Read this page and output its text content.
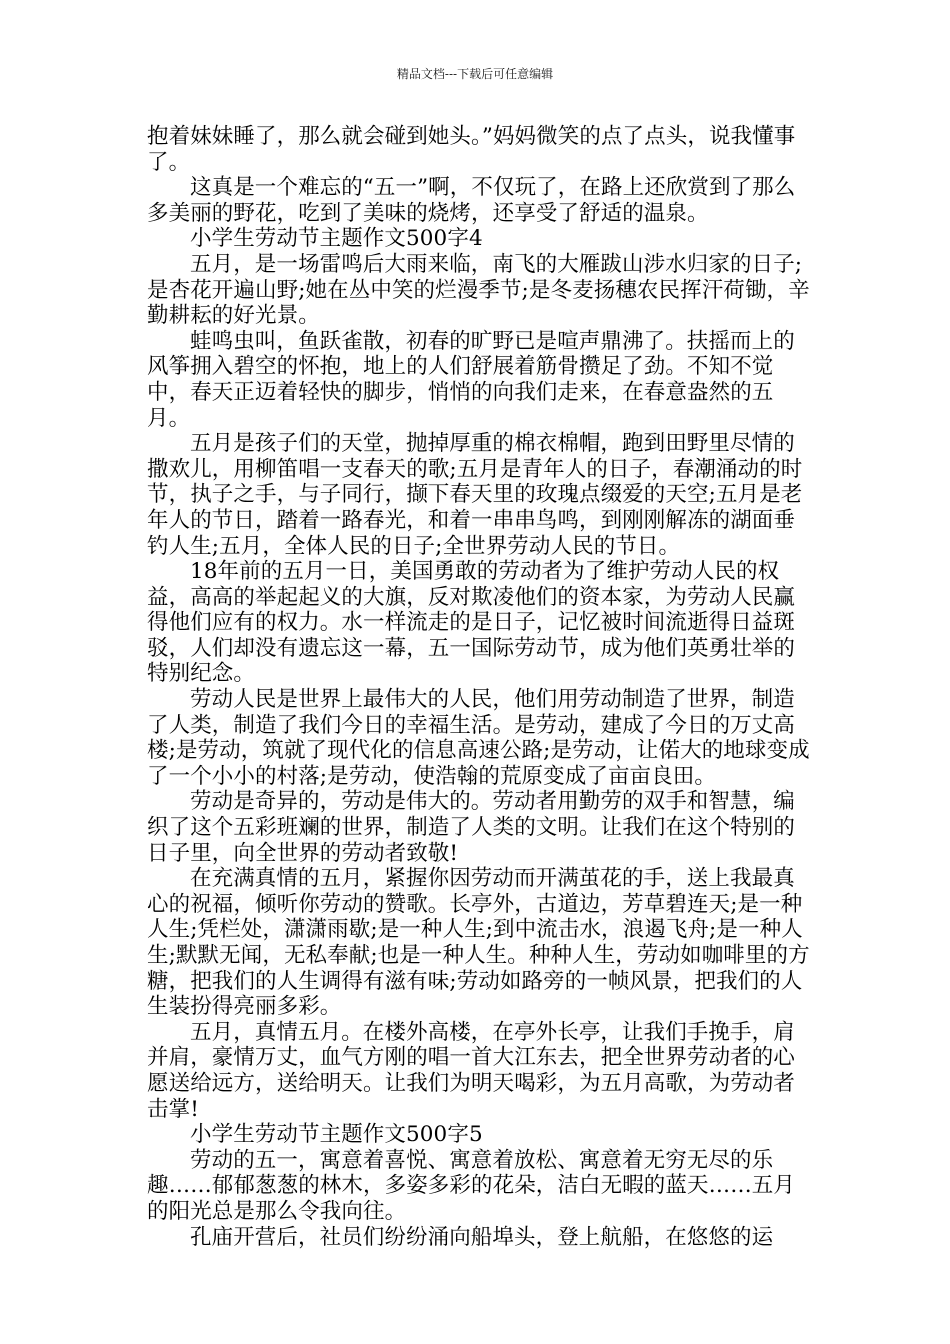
精品文档---下载后可任意编辑

抱着妹妹睡了，那么就会碰到她头。”妈妈微笑的点了点头，说我懂事了。

这真是一个难忘的“五一”啊，不仅玩了，在路上还欣赏到了那么多美丽的野花，吃到了美味的烧烤，还享受了舒适的温泉。

小学生劳动节主题作文500字4

五月，是一场雷鸣后大雨来临，南飞的大雁跋山涉水归家的日子;是杏花开遍山野;她在丛中笑的烂漫季节;是冬麦扬穗农民挥汗荷锄，辛勤耕耘的好光景。

蛙鸣虫叫，鱼跃雀散，初春的旷野已是喧声鼎沸了。扶摇而上的风筝拥入碧空的怀抱，地上的人们舒展着筋骨攒足了劲。不知不觉中，春天正迈着轻快的脚步，悄悄的向我们走来，在春意盎然的五月。

五月是孩子们的天堂，抛掉厚重的棉衣棉帽，跑到田野里尽情的撒欢儿，用柳笛唱一支春天的歌;五月是青年人的日子，春潮涌动的时节，执子之手，与子同行，撷下春天里的玫瑰点缀爱的天空;五月是老年人的节日，踏着一路春光，和着一串串鸟鸣，到刚刚解冻的湖面垂钓人生;五月，全体人民的日子;全世界劳动人民的节日。

18年前的五月一日，美国勇敢的劳动者为了维护劳动人民的权益，高高的举起起义的大旗，反对欺凌他们的资本家，为劳动人民赢得他们应有的权力。水一样流走的是日子，记忆被时间流逝得日益斑驳，人们却没有遗忘这一幕，五一国际劳动节，成为他们英勇壮举的特别纪念。

劳动人民是世界上最伟大的人民，他们用劳动制造了世界，制造了人类，制造了我们今日的幸福生活。是劳动，建成了今日的万丈高楼;是劳动，筑就了现代化的信息高速公路;是劳动，让偌大的地球变成了一个小小的村落;是劳动，使浩翰的荒原变成了亩亩良田。

劳动是奇异的，劳动是伟大的。劳动者用勤劳的双手和智慧，编织了这个五彩班斓的世界，制造了人类的文明。让我们在这个特别的日子里，向全世界的劳动者致敬!

在充满真情的五月，紧握你因劳动而开满茧花的手，送上我最真心的祝福，倾听你劳动的赞歌。长亭外，古道边，芳草碧连天;是一种人生;凭栏处，潇潇雨歇;是一种人生;到中流击水，浪遏飞舟;是一种人生;默默无闻，无私奉献;也是一种人生。种种人生，劳动如咖啡里的方糖，把我们的人生调得有滋有味;劳动如路旁的一帧风景，把我们的人生装扮得亮丽多彩。

五月，真情五月。在楼外高楼，在亭外长亭，让我们手挽手，肩并肩，豪情万丈，血气方刚的唱一首大江东去，把全世界劳动者的心愿送给远方，送给明天。让我们为明天喝彩，为五月高歌，为劳动者击掌!

小学生劳动节主题作文500字5

劳动的五一，寓意着喜悦、寓意着放松、寓意着无穷无尽的乐趣……郁郁葱葱的林木，多姿多彩的花朵，洁白无暇的蓝天……五月的阳光总是那么令我向往。

孔庙开营后，社员们纷纷涌向船埠头，登上航船，在悠悠的运
